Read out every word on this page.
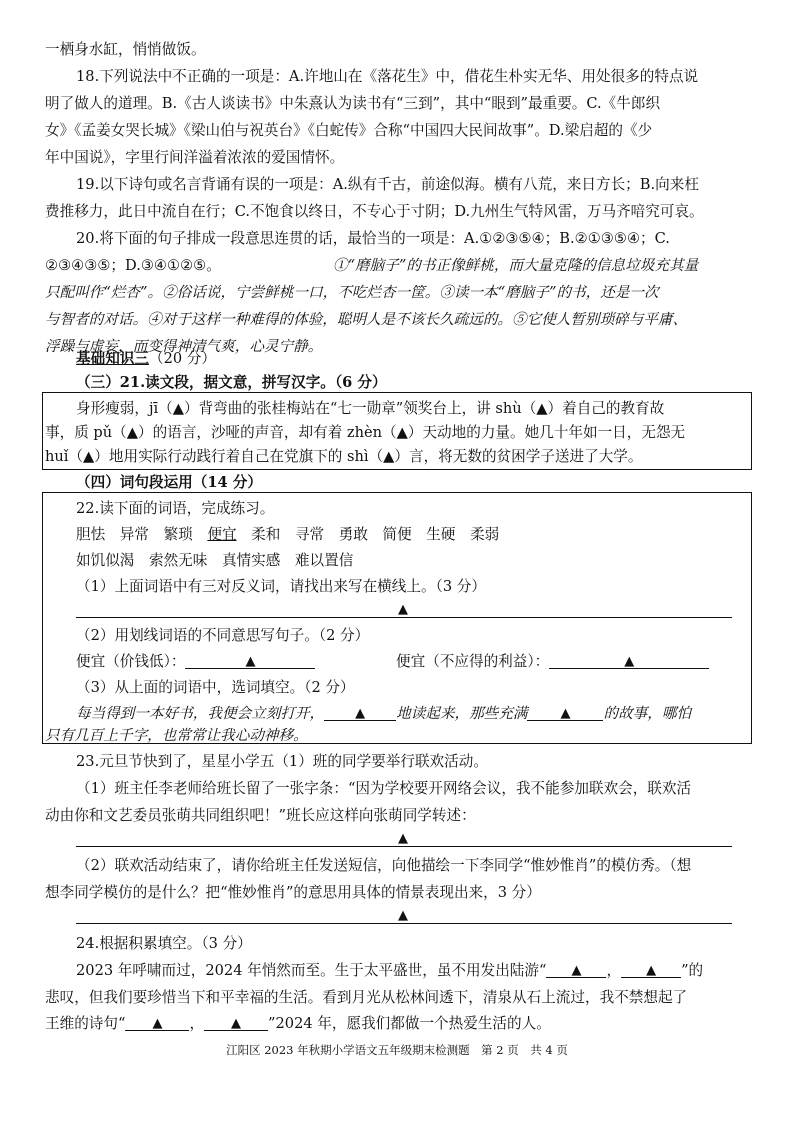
一栖身水缸，悄悄做饭。
18.下列说法中不正确的一项是：A.许地山在《落花生》中，借花生朴实无华、用处很多的特点说
明了做人的道理。B.《古人谈读书》中朱熹认为读书有“三到”，其中“眼到”最重要。C.《牛郎织
女》《孟姜女哭长城》《梁山伯与祝英台》《白蛇传》合称“中国四大民间故事”。D.梁启超的《少
年中国说》，字里行间洋溢着浓浓的爱国情怀。
19.以下诗句或名言背诵有误的一项是：A.纵有千古，前途似海。横有八荒，来日方长；B.向来枉
费推移力，此日中流自在行；C.不饱食以终日，不专心于寸阴；D.九州生气特风雷，万马齐喑究可哀。
20.将下面的句子排成一段意思连贯的话，最恰当的一项是：A.①②③⑤④；B.②①③⑤④；C.
②③④③⑤；D.③④①②⑤。	①“磨脑子”的书正像鲜桃，而大量克隆的信息垃圾充其量
只配叫作“烂杏”。②俗话说，宁尝鲜桃一口，不吃烂杏一筐。③读一本“磨脑子”的书，还是一次
与智者的对话。④对于这样一种难得的体验，聪明人是不该长久疏远的。⑤它使人暂别琐碎与平庸、
浮躁与虚妄，而变得神清气爽，心灵宁静。
基础知识三（20 分）
（三）21.读文段，据文意，拼写汉字。（6 分）
身形瘦弱，jī（▲）背弯曲的张桂梅站在“七一勋章”领奖台上，讲 shù（▲）着自己的教育故
事，质 pǔ（▲）的语言，沙哑的声音，却有着 zhèn（▲）天动地的力量。她几十年如一日，无怨无
huǐ（▲）地用实际行动践行着自己在党旗下的 shì（▲）言，将无数的贫困学子送进了大学。
（四）词句段运用（14 分）
22.读下面的词语，完成练习。
胆怯　异常　繁琐　便宜　柔和　寻常　勇敢　简便　生硬　柔弱
如饥似渴　索然无味　真情实感　难以置信
（1）上面词语中有三对反义词，请找出来写在横线上。（3 分）
▲
（2）用划线词语的不同意思写句子。（2 分）
便宜（价钱低）：	▲	便宜（不应得的利益）：	▲
（3）从上面的词语中，选词填空。（2 分）
每当得到一本好书，我便会立刻打开， ▲ 地读起来，那些充满	▲ 的故事，哪怕
只有几百上千字，也常常让我心动神移。
23.元旦节快到了，星星小学五（1）班的同学要举行联欢活动。
（1）班主任李老师给班长留了一张字条：“因为学校要开网络会议，我不能参加联欢会，联欢活
动由你和文艺委员张萌共同组织吧！”班长应这样向张萌同学转述：
▲
（2）联欢活动结束了，请你给班主任发送短信，向他描绘一下李同学“惟妙惟肖”的模仿秀。（想
想李同学模仿的是什么？把“惟妙惟肖”的意思用具体的情景表现出来，3 分）
▲
24.根据积累填空。（3 分）
2023 年呼啸而过，2024 年悄然而至。生于太平盛世，虽不用发出陆游“ ▲ ， ▲ ”的
悲叹，但我们要珍惜当下和平幸福的生活。看到月光从松林间透下，清泉从石上流过，我不禁想起了
王维的诗句“ ▲ ， ▲ ”2024 年，愿我们都做一个热爱生活的人。
江阳区 2023 年秋期小学语文五年级期末检测题　第 2 页　共 4 页
